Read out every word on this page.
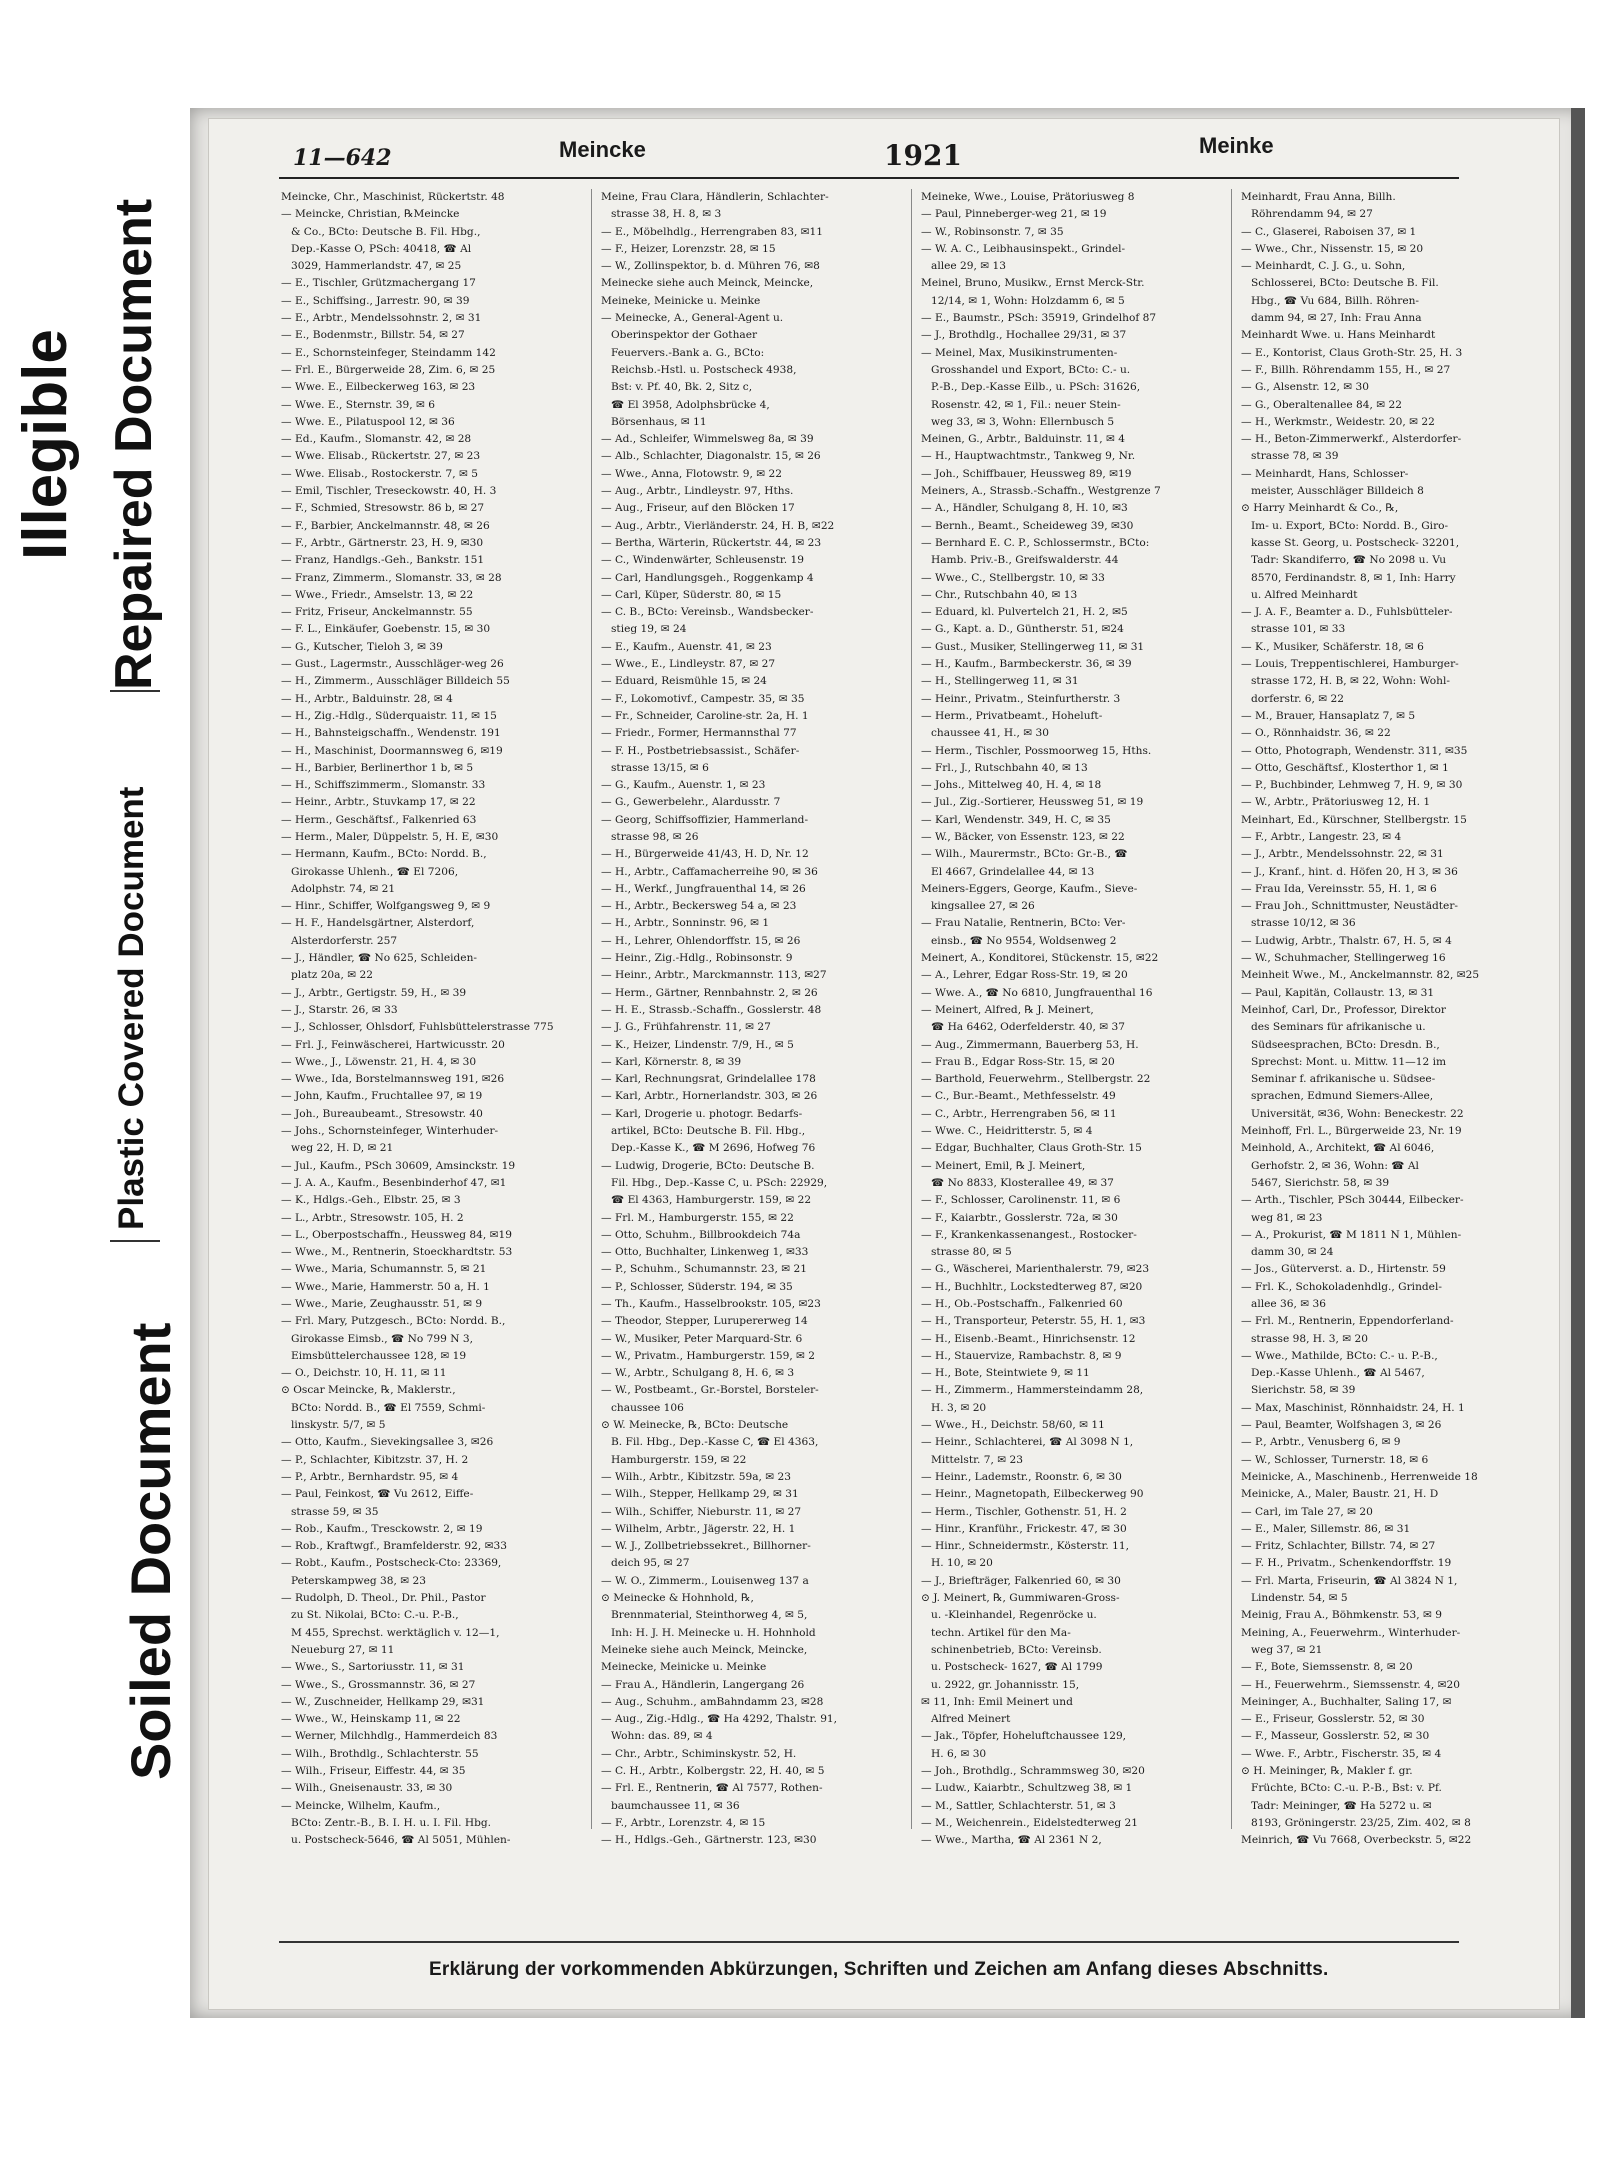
Illegible Repaired Document
Plastic Covered Document
Soiled Document
11—642	Meincke	1921	Meinke
Meincke, Chr., Maschinist, Rückertstr. 48
— Meincke, Christian, ℞Meincke
& Co., BCto: Deutsche B. Fil. Hbg.,
Dep.-Kasse O, PSch: 40418, ☎ Al
3029, Hammerlandstr. 47, ✉ 25
— E., Tischler, Grützmachergang 17
— E., Schiffsing., Jarrestr. 90, ✉ 39
— E., Arbtr., Mendelssohnstr. 2, ✉ 31
— E., Bodenmstr., Billstr. 54, ✉ 27
— E., Schornsteinfeger, Steindamm 142
— Frl. E., Bürgerweide 28, Zim. 6, ✉ 25
— Wwe. E., Eilbeckerweg 163, ✉ 23
— Wwe. E., Sternstr. 39, ✉ 6
— Wwe. E., Pilatuspool 12, ✉ 36
— Ed., Kaufm., Slomanstr. 42, ✉ 28
— Wwe. Elisab., Rückertstr. 27, ✉ 23
— Wwe. Elisab., Rostockerstr. 7, ✉ 5
— Emil, Tischler, Treseckowstr. 40, H. 3
— F., Schmied, Stresowstr. 86 b, ✉ 27
— F., Barbier, Anckelmannstr. 48, ✉ 26
— F., Arbtr., Gärtnerstr. 23, H. 9, ✉30
— Franz, Handlgs.-Geh., Bankstr. 151
— Franz, Zimmerm., Slomanstr. 33, ✉ 28
— Wwe., Friedr., Amselstr. 13, ✉ 22
— Fritz, Friseur, Anckelmannstr. 55
— F. L., Einkäufer, Goebenstr. 15, ✉ 30
— G., Kutscher, Tieloh 3, ✉ 39
— Gust., Lagermstr., Ausschläger-weg 26
— H., Zimmerm., Ausschläger Billdeich 55
— H., Arbtr., Balduinstr. 28, ✉ 4
— H., Zig.-Hdlg., Süderquaistr. 11, ✉ 15
— H., Bahnsteigschaffn., Wendenstr. 191
— H., Maschinist, Doormannsweg 6, ✉19
— H., Barbier, Berlinerthor 1 b, ✉ 5
— H., Schiffszimmerm., Slomanstr. 33
— Heinr., Arbtr., Stuvkamp 17, ✉ 22
— Herm., Geschäftsf., Falkenried 63
— Herm., Maler, Düppelstr. 5, H. E, ✉30
— Hermann, Kaufm., BCto: Nordd. B.,
Girokasse Uhlenh., ☎ El 7206,
Adolphstr. 74, ✉ 21
— Hinr., Schiffer, Wolfgangsweg 9, ✉ 9
— H. F., Handelsgärtner, Alsterdorf,
Alsterdorferstr. 257
— J., Händler, ☎ No 625, Schleiden-
platz 20a, ✉ 22
— J., Arbtr., Gertigstr. 59, H., ✉ 39
— J., Starstr. 26, ✉ 33
— J., Schlosser, Ohlsdorf, Fuhlsbüttelerstrasse 775
— Frl. J., Feinwäscherei, Hartwicusstr. 20
— Wwe., J., Löwenstr. 21, H. 4, ✉ 30
— Wwe., Ida, Borstelmannsweg 191, ✉26
— John, Kaufm., Fruchtallee 97, ✉ 19
— Joh., Bureaubeamt., Stresowstr. 40
— Johs., Schornsteinfeger, Winterhuder-
weg 22, H. D, ✉ 21
— Jul., Kaufm., PSch 30609, Amsinckstr. 19
— J. A. A., Kaufm., Besenbinderhof 47, ✉1
— K., Hdlgs.-Geh., Elbstr. 25, ✉ 3
— L., Arbtr., Stresowstr. 105, H. 2
— L., Oberpostschaffn., Heussweg 84, ✉19
— Wwe., M., Rentnerin, Stoeckhardtstr. 53
— Wwe., Maria, Schumannstr. 5, ✉ 21
— Wwe., Marie, Hammerstr. 50 a, H. 1
— Wwe., Marie, Zeughausstr. 51, ✉ 9
— Frl. Mary, Putzgesch., BCto: Nordd. B.,
Girokasse Eimsb., ☎ No 799 N 3,
Eimsbüttelerchaussee 128, ✉ 19
— O., Deichstr. 10, H. 11, ✉ 11
⊙ Oscar Meincke, ℞, Maklerstr.,
BCto: Nordd. B., ☎ El 7559, Schmi-
linskystr. 5/7, ✉ 5
— Otto, Kaufm., Sievekingsallee 3, ✉26
— P., Schlachter, Kibitzstr. 37, H. 2
— P., Arbtr., Bernhardstr. 95, ✉ 4
— Paul, Feinkost, ☎ Vu 2612, Eiffe-
strasse 59, ✉ 35
— Rob., Kaufm., Tresckowstr. 2, ✉ 19
— Rob., Kraftwgf., Bramfelderstr. 92, ✉33
— Robt., Kaufm., Postscheck-Cto: 23369,
Peterskampweg 38, ✉ 23
— Rudolph, D. Theol., Dr. Phil., Pastor
zu St. Nikolai, BCto: C.-u. P.-B.,
M 455, Sprechst. werktäglich v. 12—1,
Neueburg 27, ✉ 11
— Wwe., S., Sartoriusstr. 11, ✉ 31
— Wwe., S., Grossmannstr. 36, ✉ 27
— W., Zuschneider, Hellkamp 29, ✉31
— Wwe., W., Heinskamp 11, ✉ 22
— Werner, Milchhdlg., Hammerdeich 83
— Wilh., Brothdlg., Schlachterstr. 55
— Wilh., Friseur, Eiffestr. 44, ✉ 35
— Wilh., Gneisenaustr. 33, ✉ 30
— Meincke, Wilhelm, Kaufm.,
BCto: Zentr.-B., B. I. H. u. I. Fil. Hbg.
u. Postscheck-5646, ☎ Al 5051, Mühlen-
Meine, Frau Clara, Händlerin, Schlachter-
strasse 38, H. 8, ✉ 3
— E., Möbelhdlg., Herrengraben 83, ✉11
— F., Heizer, Lorenzstr. 28, ✉ 15
— W., Zollinspektor, b. d. Mühren 76, ✉8
Meinecke siehe auch Meinck, Meincke,
Meineke, Meinicke u. Meinke
— Meinecke, A., General-Agent u.
Oberinspektor der Gothaer
Feuervers.-Bank a. G., BCto:
Reichsb.-Hstl. u. Postscheck 4938,
Bst: v. Pf. 40, Bk. 2, Sitz c,
☎ El 3958, Adolphsbrücke 4,
Börsenhaus, ✉ 11
— Ad., Schleifer, Wimmelsweg 8a, ✉ 39
— Alb., Schlachter, Diagonalstr. 15, ✉ 26
— Wwe., Anna, Flotowstr. 9, ✉ 22
— Aug., Arbtr., Lindleystr. 97, Hths.
— Aug., Friseur, auf den Blöcken 17
— Aug., Arbtr., Vierländerstr. 24, H. B, ✉22
— Bertha, Wärterin, Rückertstr. 44, ✉ 23
— C., Windenwärter, Schleusenstr. 19
— Carl, Handlungsgeh., Roggenkamp 4
— Carl, Küper, Süderstr. 80, ✉ 15
— C. B., BCto: Vereinsb., Wandsbecker-
stieg 19, ✉ 24
— E., Kaufm., Auenstr. 41, ✉ 23
— Wwe., E., Lindleystr. 87, ✉ 27
— Eduard, Reismühle 15, ✉ 24
— F., Lokomotivf., Campestr. 35, ✉ 35
— Fr., Schneider, Caroline-str. 2a, H. 1
— Friedr., Former, Hermannsthal 77
— F. H., Postbetriebsassist., Schäfer-
strasse 13/15, ✉ 6
— G., Kaufm., Auenstr. 1, ✉ 23
— G., Gewerbelehr., Alardusstr. 7
— Georg, Schiffsoffizier, Hammerland-
strasse 98, ✉ 26
— H., Bürgerweide 41/43, H. D, Nr. 12
— H., Arbtr., Caffamacherreihe 90, ✉ 36
— H., Werkf., Jungfrauenthal 14, ✉ 26
— H., Arbtr., Beckersweg 54 a, ✉ 23
— H., Arbtr., Sonninstr. 96, ✉ 1
— H., Lehrer, Ohlendorffstr. 15, ✉ 26
— Heinr., Zig.-Hdlg., Robinsonstr. 9
— Heinr., Arbtr., Marckmannstr. 113, ✉27
— Herm., Gärtner, Rennbahnstr. 2, ✉ 26
— H. E., Strassb.-Schaffn., Gosslerstr. 48
— J. G., Frühfahrenstr. 11, ✉ 27
— K., Heizer, Lindenstr. 7/9, H., ✉ 5
— Karl, Körnerstr. 8, ✉ 39
— Karl, Rechnungsrat, Grindelallee 178
— Karl, Arbtr., Hornerlandstr. 303, ✉ 26
— Karl, Drogerie u. photogr. Bedarfs-
artikel, BCto: Deutsche B. Fil. Hbg.,
Dep.-Kasse K., ☎ M 2696, Hofweg 76
— Ludwig, Drogerie, BCto: Deutsche B.
Fil. Hbg., Dep.-Kasse C, u. PSch: 22929,
☎ El 4363, Hamburgerstr. 159, ✉ 22
— Frl. M., Hamburgerstr. 155, ✉ 22
— Otto, Schuhm., Billbrookdeich 74a
— Otto, Buchhalter, Linkenweg 1, ✉33
— P., Schuhm., Schumannstr. 23, ✉ 21
— P., Schlosser, Süderstr. 194, ✉ 35
— Th., Kaufm., Hasselbrookstr. 105, ✉23
— Theodor, Stepper, Lurupererweg 14
— W., Musiker, Peter Marquard-Str. 6
— W., Privatm., Hamburgerstr. 159, ✉ 2
— W., Arbtr., Schulgang 8, H. 6, ✉ 3
— W., Postbeamt., Gr.-Borstel, Borsteler-
chaussee 106
⊙ W. Meinecke, ℞, BCto: Deutsche
B. Fil. Hbg., Dep.-Kasse C, ☎ El 4363,
Hamburgerstr. 159, ✉ 22
— Wilh., Arbtr., Kibitzstr. 59a, ✉ 23
— Wilh., Stepper, Hellkamp 29, ✉ 31
— Wilh., Schiffer, Nieburstr. 11, ✉ 27
— Wilhelm, Arbtr., Jägerstr. 22, H. 1
— W. J., Zollbetriebssekret., Billhorner-
deich 95, ✉ 27
— W. O., Zimmerm., Louisenweg 137 a
⊙ Meinecke & Hohnhold, ℞,
Brennmaterial, Steinthorweg 4, ✉ 5,
Inh: H. J. H. Meinecke u. H. Hohnhold
Meineke siehe auch Meinck, Meincke,
Meinecke, Meinicke u. Meinke
— Frau A., Händlerin, Langergang 26
— Aug., Schuhm., amBahndamm 23, ✉28
— Aug., Zig.-Hdlg., ☎ Ha 4292, Thalstr. 91,
Wohn: das. 89, ✉ 4
— Chr., Arbtr., Schiminskystr. 52, H.
— C. H., Arbtr., Kolbergstr. 22, H. 40, ✉ 5
— Frl. E., Rentnerin, ☎ Al 7577, Rothen-
baumchaussee 11, ✉ 36
— F., Arbtr., Lorenzstr. 4, ✉ 15
— H., Hdlgs.-Geh., Gärtnerstr. 123, ✉30
Meineke, Wwe., Louise, Prätoriusweg 8
— Paul, Pinneberger-weg 21, ✉ 19
— W., Robinsonstr. 7, ✉ 35
— W. A. C., Leibhausinspekt., Grindel-
allee 29, ✉ 13
Meinel, Bruno, Musikw., Ernst Merck-Str.
12/14, ✉ 1, Wohn: Holzdamm 6, ✉ 5
— E., Baumstr., PSch: 35919, Grindelhof 87
— J., Brothdlg., Hochallee 29/31, ✉ 37
— Meinel, Max, Musikinstrumenten-
Grosshandel und Export, BCto: C.- u.
P.-B., Dep.-Kasse Eilb., u. PSch: 31626,
Rosenstr. 42, ✉ 1, Fil.: neuer Stein-
weg 33, ✉ 3, Wohn: Ellernbusch 5
Meinen, G., Arbtr., Balduinstr. 11, ✉ 4
— H., Hauptwachtmstr., Tankweg 9, Nr.
— Joh., Schiffbauer, Heussweg 89, ✉19
Meiners, A., Strassb.-Schaffn., Westgrenze 7
— A., Händler, Schulgang 8, H. 10, ✉3
— Bernh., Beamt., Scheideweg 39, ✉30
— Bernhard E. C. P., Schlossermstr., BCto:
Hamb. Priv.-B., Greifswalderstr. 44
— Wwe., C., Stellbergstr. 10, ✉ 33
— Chr., Rutschbahn 40, ✉ 13
— Eduard, kl. Pulvertelch 21, H. 2, ✉5
— G., Kapt. a. D., Güntherstr. 51, ✉24
— Gust., Musiker, Stellingerweg 11, ✉ 31
— H., Kaufm., Barmbeckerstr. 36, ✉ 39
— H., Stellingerweg 11, ✉ 31
— Heinr., Privatm., Steinfurtherstr. 3
— Herm., Privatbeamt., Hoheluft-
chaussee 41, H., ✉ 30
— Herm., Tischler, Possmoorweg 15, Hths.
— Frl., J., Rutschbahn 40, ✉ 13
— Johs., Mittelweg 40, H. 4, ✉ 18
— Jul., Zig.-Sortierer, Heussweg 51, ✉ 19
— Karl, Wendenstr. 349, H. C, ✉ 35
— W., Bäcker, von Essenstr. 123, ✉ 22
— Wilh., Maurermstr., BCto: Gr.-B., ☎
El 4667, Grindelallee 44, ✉ 13
Meiners-Eggers, George, Kaufm., Sieve-
kingsallee 27, ✉ 26
— Frau Natalie, Rentnerin, BCto: Ver-
einsb., ☎ No 9554, Woldsenweg 2
Meinert, A., Konditorei, Stückenstr. 15, ✉22
— A., Lehrer, Edgar Ross-Str. 19, ✉ 20
— Wwe. A., ☎ No 6810, Jungfrauenthal 16
— Meinert, Alfred, ℞ J. Meinert,
☎ Ha 6462, Oderfelderstr. 40, ✉ 37
— Aug., Zimmermann, Bauerberg 53, H.
— Frau B., Edgar Ross-Str. 15, ✉ 20
— Barthold, Feuerwehrm., Stellbergstr. 22
— C., Bur.-Beamt., Methfesselstr. 49
— C., Arbtr., Herrengraben 56, ✉ 11
— Wwe. C., Heidritterstr. 5, ✉ 4
— Edgar, Buchhalter, Claus Groth-Str. 15
— Meinert, Emil, ℞ J. Meinert,
☎ No 8833, Klosterallee 49, ✉ 37
— F., Schlosser, Carolinenstr. 11, ✉ 6
— F., Kaiarbtr., Gosslerstr. 72a, ✉ 30
— F., Krankenkassenangest., Rostocker-
strasse 80, ✉ 5
— G., Wäscherei, Marienthalerstr. 79, ✉23
— H., Buchhltr., Lockstedterweg 87, ✉20
— H., Ob.-Postschaffn., Falkenried 60
— H., Transporteur, Peterstr. 55, H. 1, ✉3
— H., Eisenb.-Beamt., Hinrichsenstr. 12
— H., Stauervize, Rambachstr. 8, ✉ 9
— H., Bote, Steintwiete 9, ✉ 11
— H., Zimmerm., Hammersteindamm 28,
H. 3, ✉ 20
— Wwe., H., Deichstr. 58/60, ✉ 11
— Heinr., Schlachterei, ☎ Al 3098 N 1,
Mittelstr. 7, ✉ 23
— Heinr., Lademstr., Roonstr. 6, ✉ 30
— Heinr., Magnetopath, Eilbeckerweg 90
— Herm., Tischler, Gothenstr. 51, H. 2
— Hinr., Kranführ., Frickestr. 47, ✉ 30
— Hinr., Schneidermstr., Kösterstr. 11,
H. 10, ✉ 20
— J., Briefträger, Falkenried 60, ✉ 30
⊙ J. Meinert, ℞, Gummiwaren-Gross-
u. -Kleinhandel, Regenröcke u.
techn. Artikel für den Ma-
schinenbetrieb, BCto: Vereinsb.
u. Postscheck- 1627, ☎ Al 1799
u. 2922, gr. Johannisstr. 15,
✉ 11, Inh: Emil Meinert und
Alfred Meinert
— Jak., Töpfer, Hoheluftchaussee 129,
H. 6, ✉ 30
— Joh., Brothdlg., Schrammsweg 30, ✉20
— Ludw., Kaiarbtr., Schultzweg 38, ✉ 1
— M., Sattler, Schlachterstr. 51, ✉ 3
— M., Weichenrein., Eidelstedterweg 21
— Wwe., Martha, ☎ Al 2361 N 2,
Meinhardt, Frau Anna, Billh.
Röhrendamm 94, ✉ 27
— C., Glaserei, Raboisen 37, ✉ 1
— Wwe., Chr., Nissenstr. 15, ✉ 20
— Meinhardt, C. J. G., u. Sohn,
Schlosserei, BCto: Deutsche B. Fil.
Hbg., ☎ Vu 684, Billh. Röhren-
damm 94, ✉ 27, Inh: Frau Anna
Meinhardt Wwe. u. Hans Meinhardt
— E., Kontorist, Claus Groth-Str. 25, H. 3
— F., Billh. Röhrendamm 155, H., ✉ 27
— G., Alsenstr. 12, ✉ 30
— G., Oberaltenallee 84, ✉ 22
— H., Werkmstr., Weidestr. 20, ✉ 22
— H., Beton-Zimmerwerkf., Alsterdorfer-
strasse 78, ✉ 39
— Meinhardt, Hans, Schlosser-
meister, Ausschläger Billdeich 8
⊙ Harry Meinhardt & Co., ℞,
Im- u. Export, BCto: Nordd. B., Giro-
kasse St. Georg, u. Postscheck- 32201,
Tadr: Skandiferro, ☎ No 2098 u. Vu
8570, Ferdinandstr. 8, ✉ 1, Inh: Harry
u. Alfred Meinhardt
— J. A. F., Beamter a. D., Fuhlsbütteler-
strasse 101, ✉ 33
— K., Musiker, Schäferstr. 18, ✉ 6
— Louis, Treppentischlerei, Hamburger-
strasse 172, H. B, ✉ 22, Wohn: Wohl-
dorferstr. 6, ✉ 22
— M., Brauer, Hansaplatz 7, ✉ 5
— O., Rönnhaidstr. 36, ✉ 22
— Otto, Photograph, Wendenstr. 311, ✉35
— Otto, Geschäftsf., Klosterthor 1, ✉ 1
— P., Buchbinder, Lehmweg 7, H. 9, ✉ 30
— W., Arbtr., Prätoriusweg 12, H. 1
Meinhart, Ed., Kürschner, Stellbergstr. 15
— F., Arbtr., Langestr. 23, ✉ 4
— J., Arbtr., Mendelssohnstr. 22, ✉ 31
— J., Kranf., hint. d. Höfen 20, H 3, ✉ 36
— Frau Ida, Vereinsstr. 55, H. 1, ✉ 6
— Frau Joh., Schnittmuster, Neustädter-
strasse 10/12, ✉ 36
— Ludwig, Arbtr., Thalstr. 67, H. 5, ✉ 4
— W., Schuhmacher, Stellingerweg 16
Meinheit Wwe., M., Anckelmannstr. 82, ✉25
— Paul, Kapitän, Collaustr. 13, ✉ 31
Meinhof, Carl, Dr., Professor, Direktor
des Seminars für afrikanische u.
Südseesprachen, BCto: Dresdn. B.,
Sprechst: Mont. u. Mittw. 11—12 im
Seminar f. afrikanische u. Südsee-
sprachen, Edmund Siemers-Allee,
Universität, ✉36, Wohn: Beneckestr. 22
Meinhoff, Frl. L., Bürgerweide 23, Nr. 19
Meinhold, A., Architekt, ☎ Al 6046,
Gerhofstr. 2, ✉ 36, Wohn: ☎ Al
5467, Sierichstr. 58, ✉ 39
— Arth., Tischler, PSch 30444, Eilbecker-
weg 81, ✉ 23
— A., Prokurist, ☎ M 1811 N 1, Mühlen-
damm 30, ✉ 24
— Jos., Güterverst. a. D., Hirtenstr. 59
— Frl. K., Schokoladenhdlg., Grindel-
allee 36, ✉ 36
— Frl. M., Rentnerin, Eppendorferland-
strasse 98, H. 3, ✉ 20
— Wwe., Mathilde, BCto: C.- u. P.-B.,
Dep.-Kasse Uhlenh., ☎ Al 5467,
Sierichstr. 58, ✉ 39
— Max, Maschinist, Rönnhaidstr. 24, H. 1
— Paul, Beamter, Wolfshagen 3, ✉ 26
— P., Arbtr., Venusberg 6, ✉ 9
— W., Schlosser, Turnerstr. 18, ✉ 6
Meinicke, A., Maschinenb., Herrenweide 18
Meinicke, A., Maler, Baustr. 21, H. D
— Carl, im Tale 27, ✉ 20
— E., Maler, Sillemstr. 86, ✉ 31
— Fritz, Schlachter, Billstr. 74, ✉ 27
— F. H., Privatm., Schenkendorffstr. 19
— Frl. Marta, Friseurin, ☎ Al 3824 N 1,
Lindenstr. 54, ✉ 5
Meinig, Frau A., Böhmkenstr. 53, ✉ 9
Meining, A., Feuerwehrm., Winterhuder-
weg 37, ✉ 21
— F., Bote, Siemssenstr. 8, ✉ 20
— H., Feuerwehrm., Siemssenstr. 4, ✉20
Meininger, A., Buchhalter, Saling 17, ✉
— E., Friseur, Gosslerstr. 52, ✉ 30
— F., Masseur, Gosslerstr. 52, ✉ 30
— Wwe. F., Arbtr., Fischerstr. 35, ✉ 4
⊙ H. Meininger, ℞, Makler f. gr.
Früchte, BCto: C.-u. P.-B., Bst: v. Pf.
Tadr: Meininger, ☎ Ha 5272 u. ✉
8193, Gröningerstr. 23/25, Zim. 402, ✉ 8
Meinrich, ☎ Vu 7668, Overbeckstr. 5, ✉22
Erklärung der vorkommenden Abkürzungen, Schriften und Zeichen am Anfang dieses Abschnitts.
